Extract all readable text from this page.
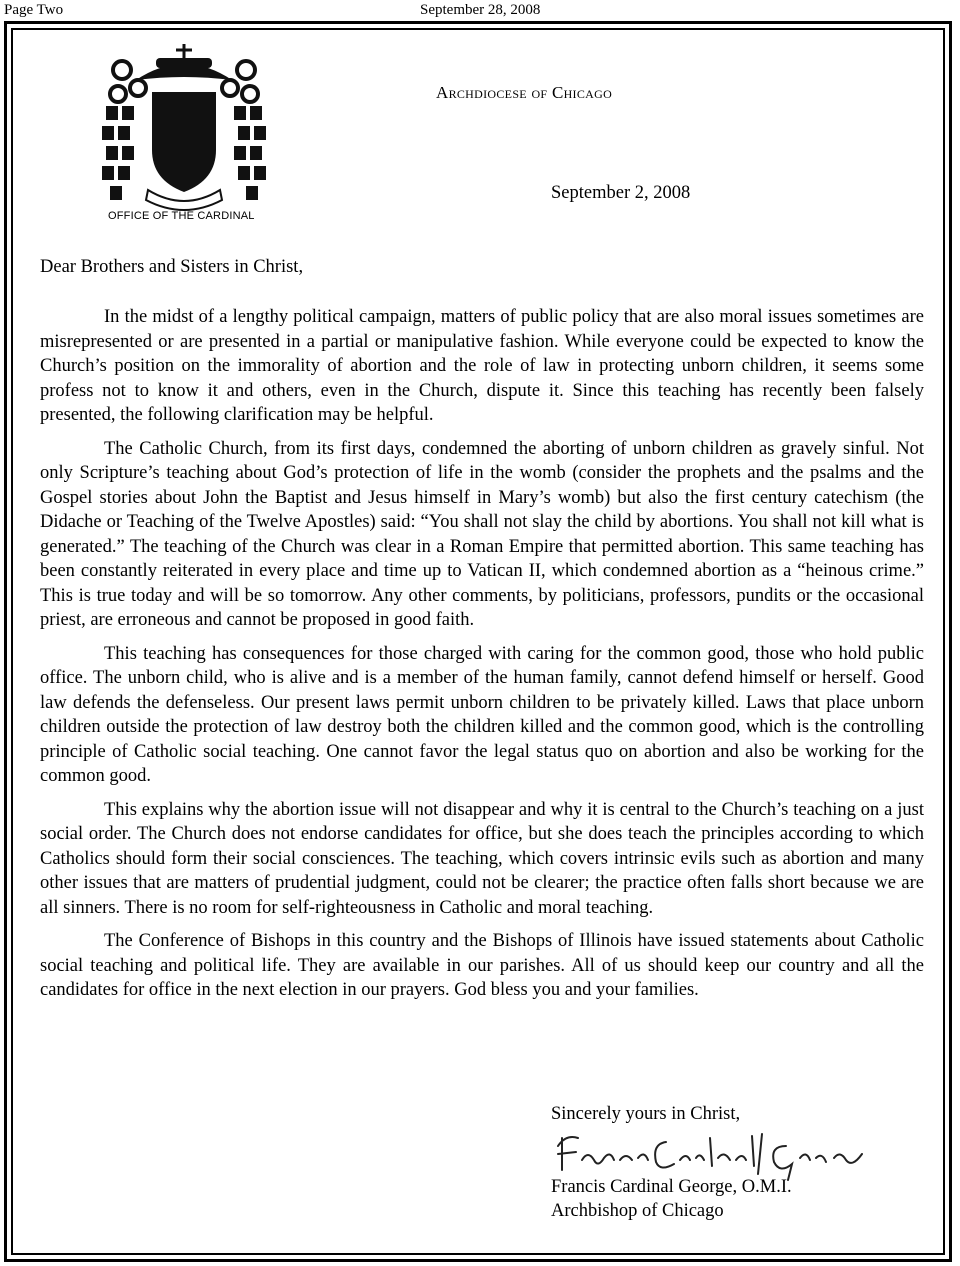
Page Two	September 28, 2008
OFFICE OF THE CARDINAL
Archdiocese of Chicago
September 2, 2008
Dear Brothers and Sisters in Christ,

In the midst of a lengthy political campaign, matters of public policy that are also moral issues sometimes are misrepresented or are presented in a partial or manipulative fashion. While everyone could be expected to know the Church’s position on the immorality of abortion and the role of law in protecting unborn children, it seems some profess not to know it and others, even in the Church, dispute it. Since this teaching has recently been falsely presented, the following clarification may be helpful.

The Catholic Church, from its first days, condemned the aborting of unborn children as gravely sinful. Not only Scripture’s teaching about God’s protection of life in the womb (consider the prophets and the psalms and the Gospel stories about John the Baptist and Jesus himself in Mary’s womb) but also the first century catechism (the Didache or Teaching of the Twelve Apostles) said: “You shall not slay the child by abortions. You shall not kill what is generated.” The teaching of the Church was clear in a Roman Empire that permitted abortion. This same teaching has been constantly reiterated in every place and time up to Vatican II, which condemned abortion as a “heinous crime.” This is true today and will be so tomorrow. Any other comments, by politicians, professors, pundits or the occasional priest, are erroneous and cannot be proposed in good faith.

This teaching has consequences for those charged with caring for the common good, those who hold public office. The unborn child, who is alive and is a member of the human family, cannot defend himself or herself. Good law defends the defenseless. Our present laws permit unborn children to be privately killed. Laws that place unborn children outside the protection of law destroy both the children killed and the common good, which is the controlling principle of Catholic social teaching. One cannot favor the legal status quo on abortion and also be working for the common good.

This explains why the abortion issue will not disappear and why it is central to the Church’s teaching on a just social order. The Church does not endorse candidates for office, but she does teach the principles according to which Catholics should form their social consciences. The teaching, which covers intrinsic evils such as abortion and many other issues that are matters of prudential judgment, could not be clearer; the practice often falls short because we are all sinners. There is no room for self-righteousness in Catholic and moral teaching.

The Conference of Bishops in this country and the Bishops of Illinois have issued statements about Catholic social teaching and political life. They are available in our parishes. All of us should keep our country and all the candidates for office in the next election in our prayers. God bless you and your families.

Sincerely yours in Christ,
Francis Cardinal George, O.M.I.
Archbishop of Chicago
